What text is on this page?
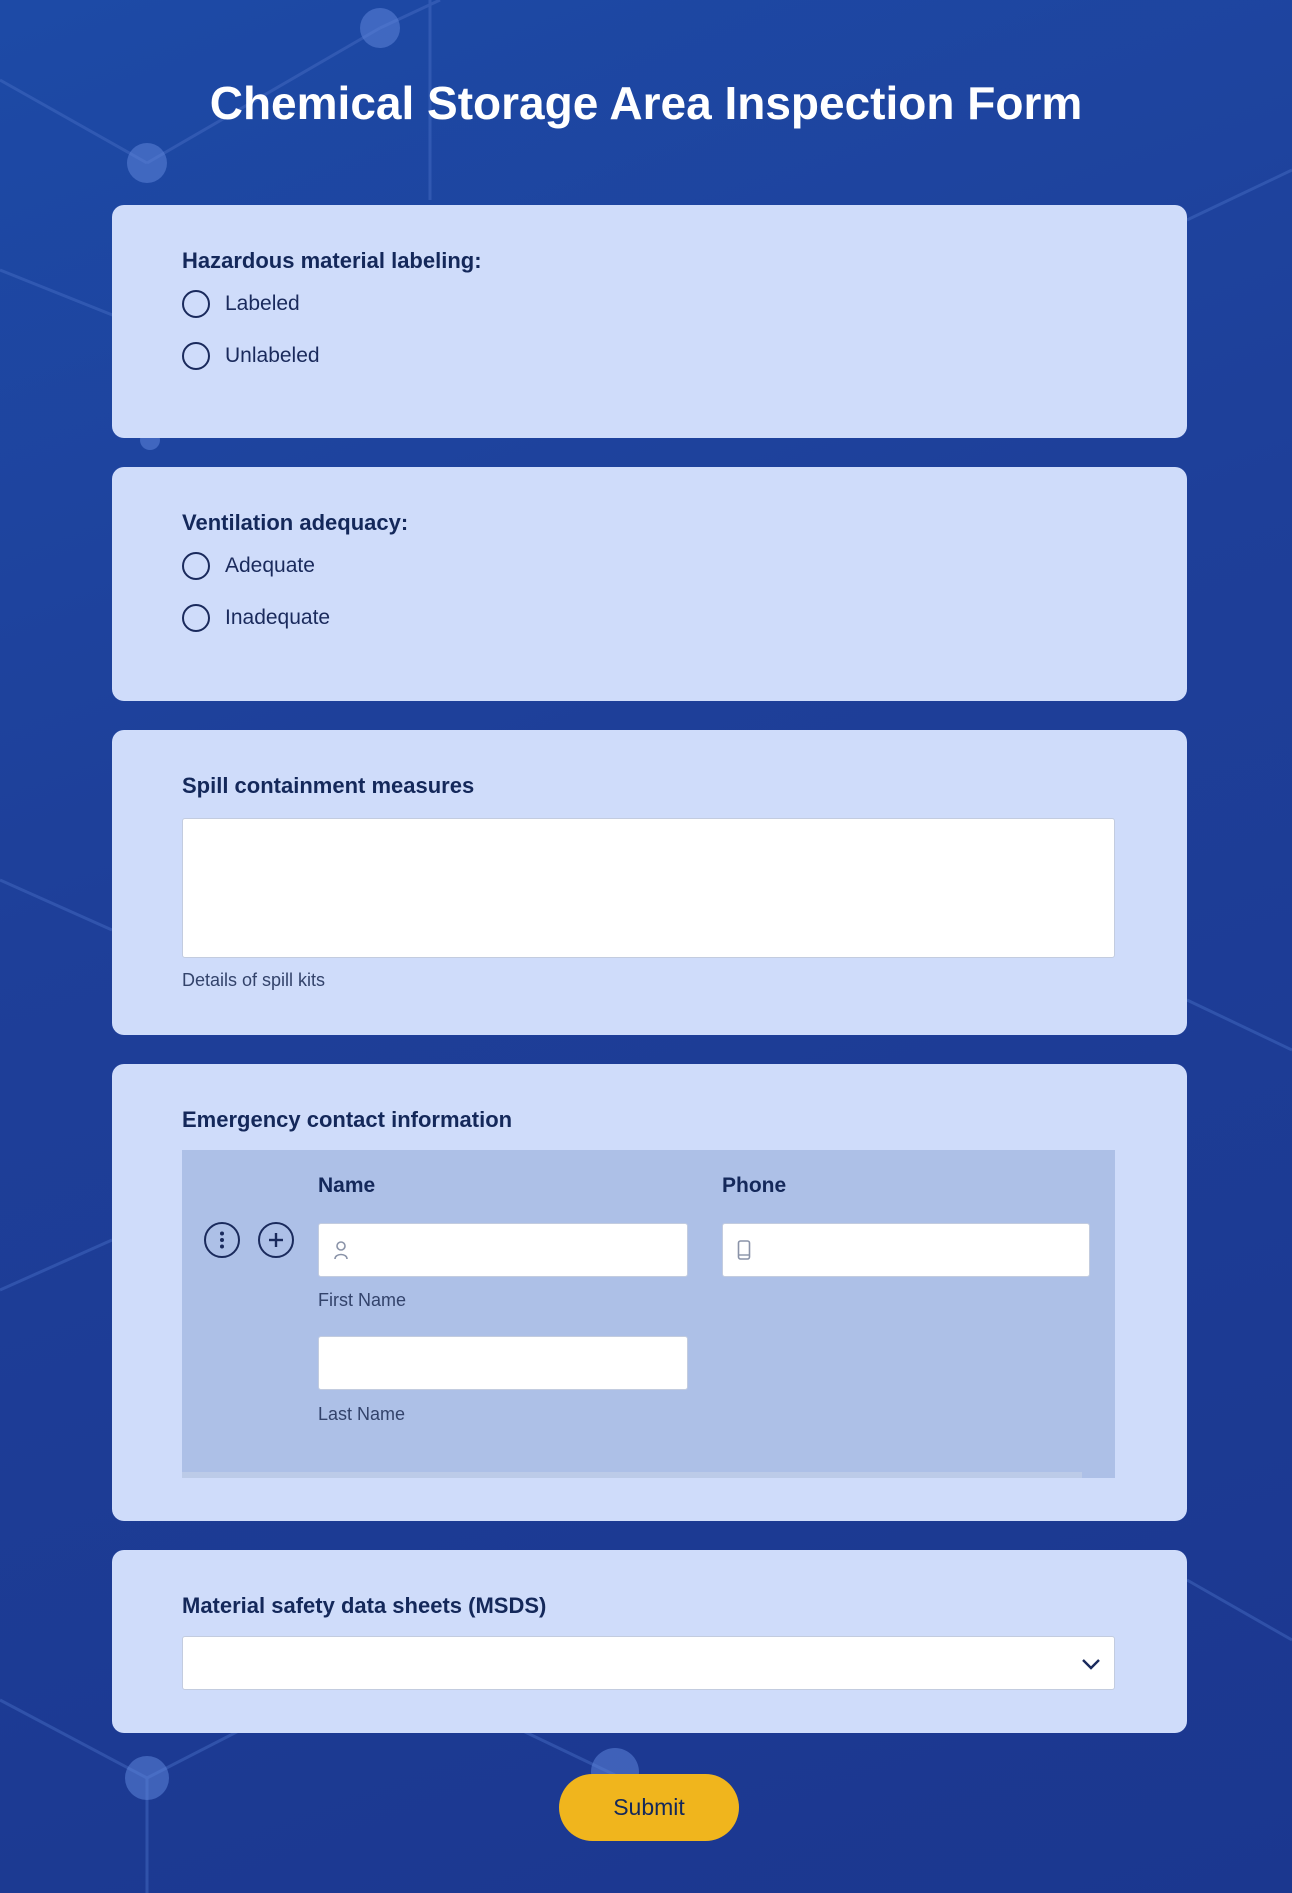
Chemical Storage Area Inspection Form
Hazardous material labeling:
Labeled
Unlabeled
Ventilation adequacy:
Adequate
Inadequate
Spill containment measures
Details of spill kits
Emergency contact information
Name	Phone
First Name
Last Name
Material safety data sheets (MSDS)
Submit
